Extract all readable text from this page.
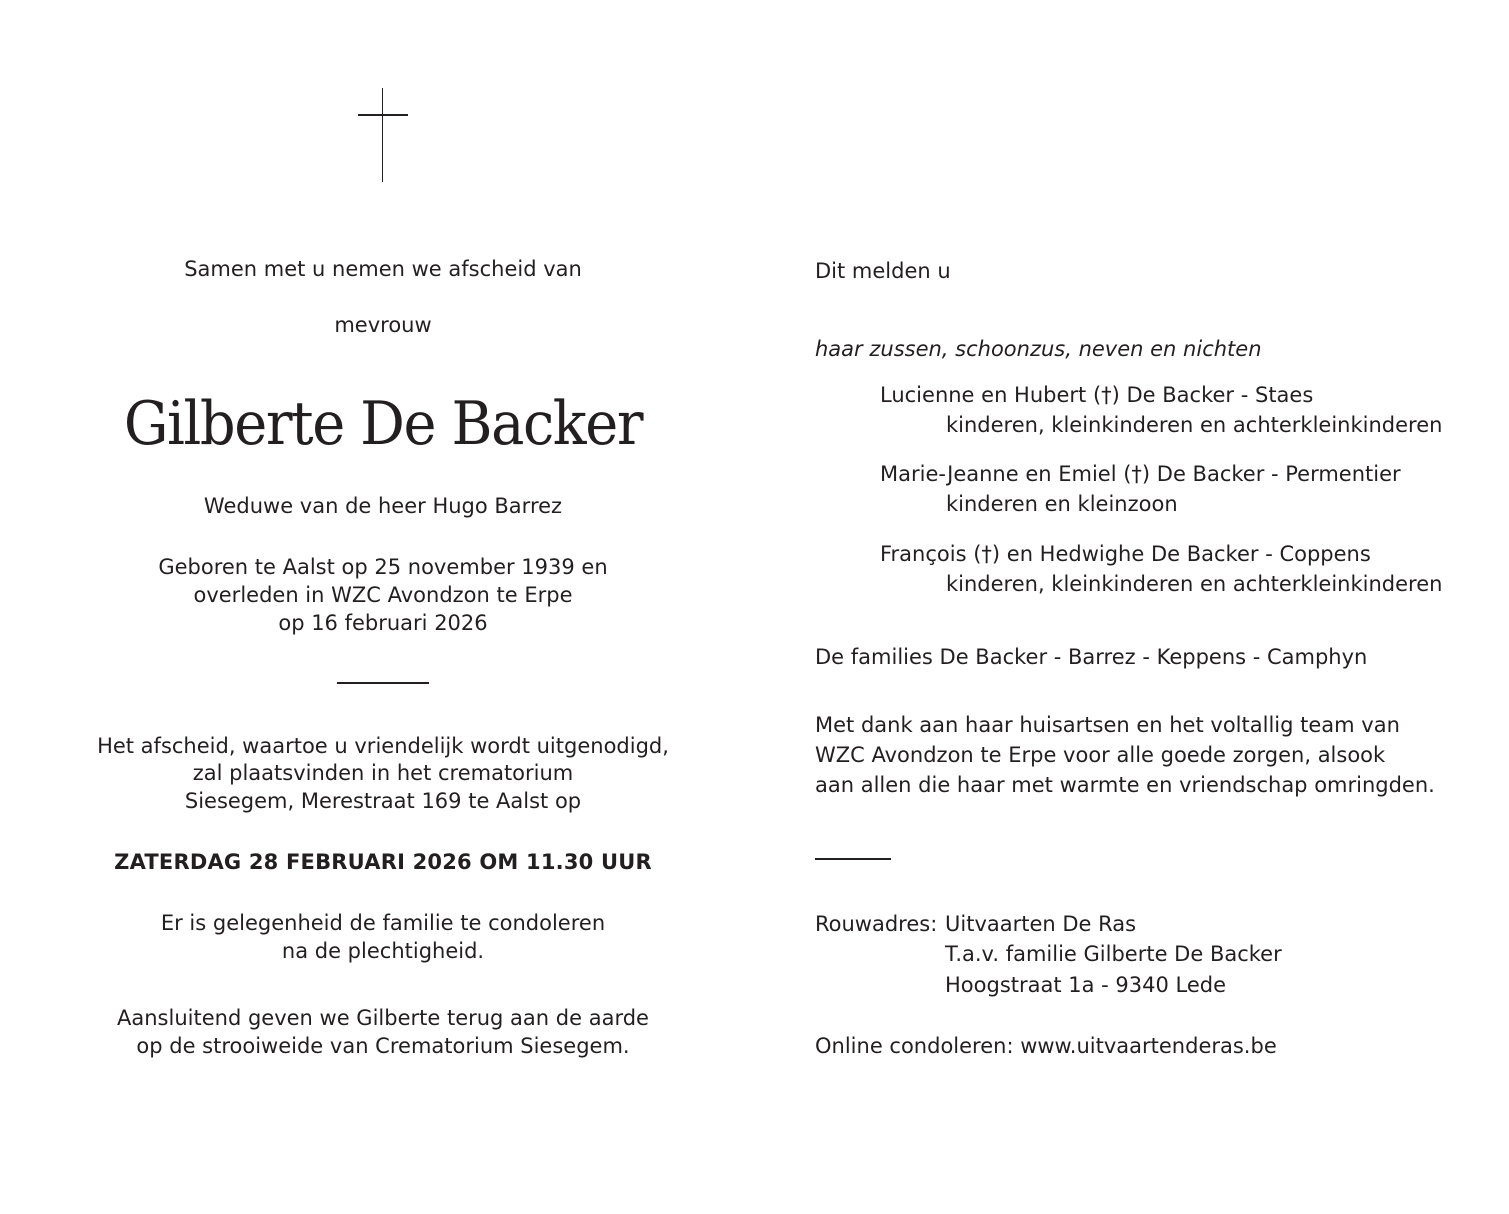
Samen met u nemen we afscheid van
mevrouw
Gilberte De Backer
Weduwe van de heer Hugo Barrez
Geboren te Aalst op 25 november 1939 en
overleden in WZC Avondzon te Erpe
op 16 februari 2026
Het afscheid, waartoe u vriendelijk wordt uitgenodigd,
zal plaatsvinden in het crematorium
Siesegem, Merestraat 169 te Aalst op
ZATERDAG 28 FEBRUARI 2026 OM 11.30 UUR
Er is gelegenheid de familie te condoleren
na de plechtigheid.
Aansluitend geven we Gilberte terug aan de aarde
op de strooiweide van Crematorium Siesegem.
Dit melden u
haar zussen, schoonzus, neven en nichten
Lucienne en Hubert (†) De Backer - Staes
kinderen, kleinkinderen en achterkleinkinderen
Marie-Jeanne en Emiel (†) De Backer - Permentier
kinderen en kleinzoon
François (†) en Hedwighe De Backer - Coppens
kinderen, kleinkinderen en achterkleinkinderen
De families De Backer - Barrez - Keppens - Camphyn
Met dank aan haar huisartsen en het voltallig team van
WZC Avondzon te Erpe voor alle goede zorgen, alsook
aan allen die haar met warmte en vriendschap omringden.
Rouwadres: Uitvaarten De Ras
T.a.v. familie Gilberte De Backer
Hoogstraat 1a - 9340 Lede
Online condoleren: www.uitvaartenderas.be
